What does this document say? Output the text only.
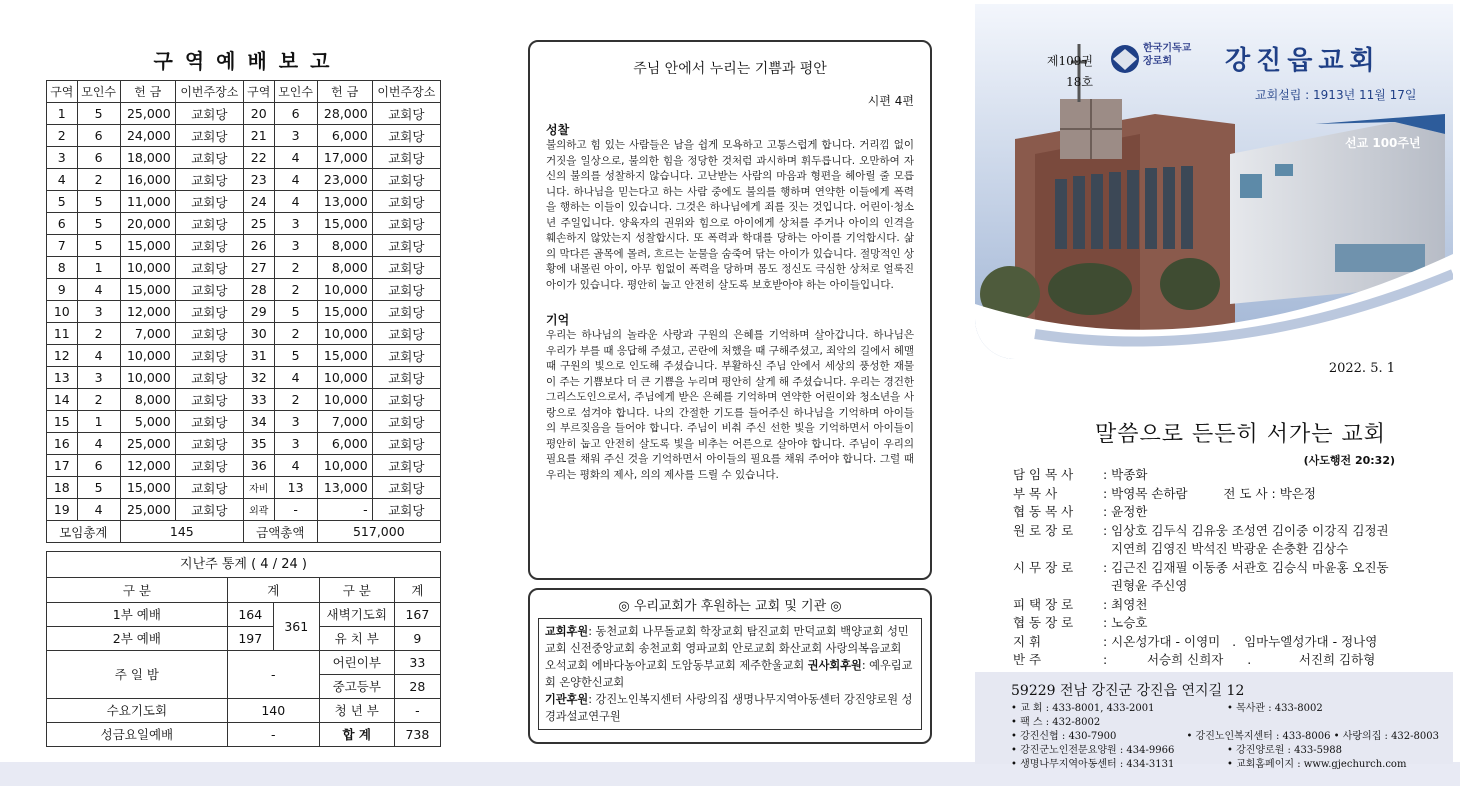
구역예배보고
구역	모인수	헌 금	이번주장소	구역	모인수	헌 금	이번주장소
1	5	25,000	교회당	20	6	28,000	교회당
2	6	24,000	교회당	21	3	6,000	교회당
3	6	18,000	교회당	22	4	17,000	교회당
4	2	16,000	교회당	23	4	23,000	교회당
5	5	11,000	교회당	24	4	13,000	교회당
6	5	20,000	교회당	25	3	15,000	교회당
7	5	15,000	교회당	26	3	8,000	교회당
8	1	10,000	교회당	27	2	8,000	교회당
9	4	15,000	교회당	28	2	10,000	교회당
10	3	12,000	교회당	29	5	15,000	교회당
11	2	7,000	교회당	30	2	10,000	교회당
12	4	10,000	교회당	31	5	15,000	교회당
13	3	10,000	교회당	32	4	10,000	교회당
14	2	8,000	교회당	33	2	10,000	교회당
15	1	5,000	교회당	34	3	7,000	교회당
16	4	25,000	교회당	35	3	6,000	교회당
17	6	12,000	교회당	36	4	10,000	교회당
18	5	15,000	교회당	자비	13	13,000	교회당
19	4	25,000	교회당	외곽	-	-	교회당
모임총계		145		금액총액		517,000	
지난주 통계 ( 4 / 24 )
구 분	계		구 분	계
1부 예배	164	361	새벽기도회	167
2부 예배	197		유 치 부	9
주 일 밤	-		어린이부	33
			중고등부	28
수요기도회	140		청 년 부	-
성금요일예배	-		합 계	738
주님 안에서 누리는 기쁨과 평안
시편 4편
성찰
불의하고 힘 있는 사람들은 남을 쉽게 모욕하고 고통스럽게 합니다. 거리낌 없이 거짓을 일상으로, 불의한 힘을 정당한 것처럼 과시하며 휘두릅니다. 오만하여 자신의 불의를 성찰하지 않습니다. 고난받는 사람의 마음과 형편을 헤아릴 줄 모릅니다. 하나님을 믿는다고 하는 사람 중에도 불의를 행하며 연약한 이들에게 폭력을 행하는 이들이 있습니다. 그것은 하나님에게 죄를 짓는 것입니다. 어린이·청소년 주일입니다. 양육자의 권위와 힘으로 아이에게 상처를 주거나 아이의 인격을 훼손하지 않았는지 성찰합시다. 또 폭력과 학대를 당하는 아이를 기억합시다. 삶의 막다른 골목에 몰려, 흐르는 눈물을 숨죽여 닦는 아이가 있습니다. 절망적인 상황에 내몰린 아이, 아무 힘없이 폭력을 당하며 몸도 정신도 극심한 상처로 얼룩진 아이가 있습니다. 평안히 눕고 안전히 살도록 보호받아야 하는 아이들입니다.
기억
우리는 하나님의 놀라운 사랑과 구원의 은혜를 기억하며 살아갑니다. 하나님은 우리가 부를 때 응답해 주셨고, 곤란에 처했을 때 구해주셨고, 죄악의 길에서 헤맬 때 구원의 빛으로 인도해 주셨습니다. 부활하신 주님 안에서 세상의 풍성한 재물이 주는 기쁨보다 더 큰 기쁨을 누리며 평안히 살게 해 주셨습니다. 우리는 경건한 그리스도인으로서, 주님에게 받은 은혜를 기억하며 연약한 어린이와 청소년을 사랑으로 섬겨야 합니다. 나의 간절한 기도를 들어주신 하나님을 기억하며 아이들의 부르짖음을 들어야 합니다. 주님이 비춰 주신 선한 빛을 기억하면서 아이들이 평안히 눕고 안전히 살도록 빛을 비추는 어른으로 살아야 합니다. 주님이 우리의 필요를 채워 주신 것을 기억하면서 아이들의 필요를 채워 주어야 합니다. 그럴 때 우리는 평화의 제사, 의의 제사를 드릴 수 있습니다.
◎ 우리교회가 후원하는 교회 및 기관 ◎
교회후원: 동천교회 나무돌교회 학장교회 탐진교회 만덕교회 백양교회 성민교회 신전중앙교회 송천교회 영파교회 안로교회 화산교회 사랑의복음교회 오석교회 에바다농아교회 도암동부교회 제주한울교회 권사회후원: 예우림교회 온양한신교회
기관후원: 강진노인복지센터 사랑의집 생명나무지역아동센터 강진양로원 성경과설교연구원
제109권
18호
한국기독교 장로회	강진읍교회
교회설립 : 1913년 11월 17일
선교 100주년
2022. 5. 1
말씀으로 든든히 서가는 교회
(사도행전 20:32)
담 임 목 사	: 박종화
부 목 사	: 박영목 손하람         전 도 사 : 박은정
협 동 목 사	: 윤정한
원 로 장 로	: 임상호 김두식 김유웅 조성연 김이중 이강직 김정권
지연희 김영진 박석진 박광운 손충환 김상수
시 무 장 로	: 김근진 김재필 이동종 서관호 김승식 마윤홍 오진동
권형윤 주신영
피 택 장 로	: 최영천
협 동 장 로	: 노승호
지 휘	: 시온성가대 - 이영미   .  임마누엘성가대 - 정나영
반 주	:          서승희 신희자      .            서진희 김하형
59229 전남 강진군 강진읍 연지길 12
• 교 회 : 433-8001, 433-2001	• 목사관 : 433-8002
• 팩 스 : 432-8002
• 강진신협 : 430-7900	• 강진노인복지센터 : 433-8006 • 사랑의집 : 432-8003
• 강진군노인전문요양원 : 434-9966	• 강진양로원 : 433-5988
• 생명나무지역아동센터 : 434-3131	• 교회홈페이지 : www.gjechurch.com
